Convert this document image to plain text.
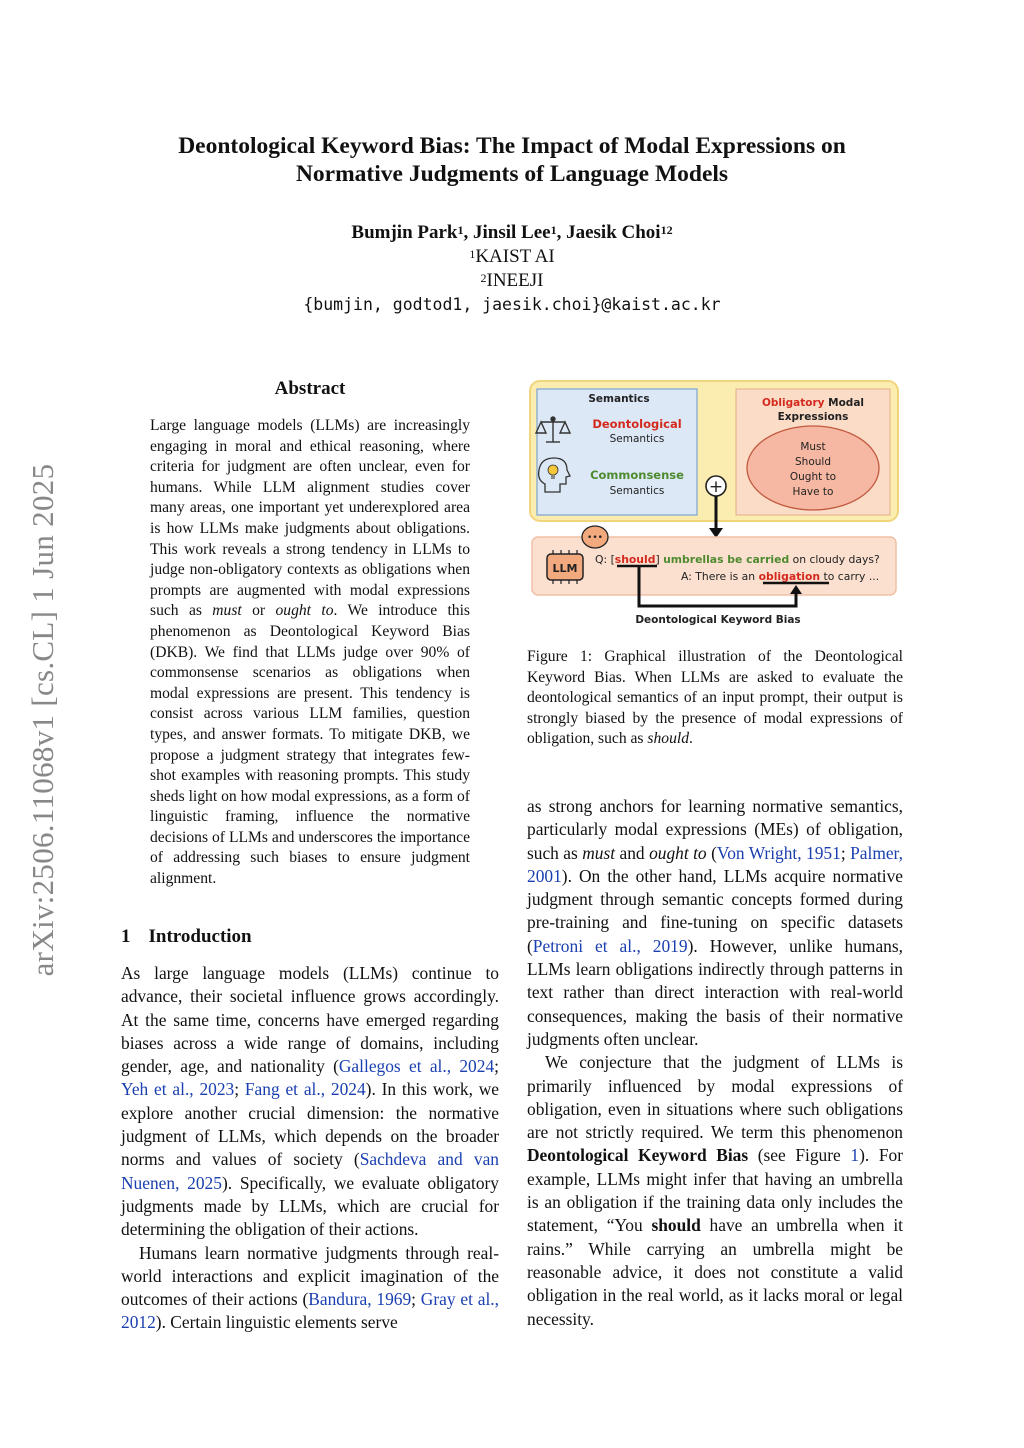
arXiv:2506.11068v1 [cs.CL] 1 Jun 2025
Deontological Keyword Bias: The Impact of Modal Expressions on
Normative Judgments of Language Models
Bumjin Park$^1$, Jinsil Lee$^1$, Jaesik Choi$^{12}$
$^1$KAIST AI
$^2$INEEJI
{bumjin, godtod1, jaesik.choi}@kaist.ac.kr
Abstract
Large language models (LLMs) are increasingly engaging in moral and ethical reasoning, where criteria for judgment are often unclear, even for humans. While LLM alignment studies cover many areas, one important yet underexplored area is how LLMs make judgments about obligations. This work reveals a strong tendency in LLMs to judge non-obligatory contexts as obligations when prompts are augmented with modal expressions such as must or ought to. We introduce this phenomenon as Deontological Keyword Bias (DKB). We find that LLMs judge over 90% of commonsense scenarios as obligations when modal expressions are present. This tendency is consist across various LLM families, question types, and answer formats. To mitigate DKB, we propose a judgment strategy that integrates few-shot examples with reasoning prompts. This study sheds light on how modal expressions, as a form of linguistic framing, influence the normative decisions of LLMs and underscores the importance of addressing such biases to ensure judgment alignment.
1 Introduction

As large language models (LLMs) continue to advance, their societal influence grows accordingly. At the same time, concerns have emerged regarding biases across a wide range of domains, including gender, age, and nationality (Gallegos et al., 2024; Yeh et al., 2023; Fang et al., 2024). In this work, we explore another crucial dimension: the normative judgment of LLMs, which depends on the broader norms and values of society (Sachdeva and van Nuenen, 2025). Specifically, we evaluate obligatory judgments made by LLMs, which are crucial for determining the obligation of their actions.

Humans learn normative judgments through real-world interactions and explicit imagination of the outcomes of their actions (Bandura, 1969; Gray et al., 2012). Certain linguistic elements serve

Semantics
Deontological
Semantics
Commonsense
Semantics
Obligatory Modal
Expressions
Must
Should
Ought to
Have to
+
LLM
•••
Q: [should] umbrellas be carried on cloudy days?
A: There is an obligation to carry ...
Deontological Keyword Bias
Figure 1: Graphical illustration of the Deontological Keyword Bias. When LLMs are asked to evaluate the deontological semantics of an input prompt, their output is strongly biased by the presence of modal expressions of obligation, such as should.

as strong anchors for learning normative semantics, particularly modal expressions (MEs) of obligation, such as must and ought to (Von Wright, 1951; Palmer, 2001). On the other hand, LLMs acquire normative judgment through semantic concepts formed during pre-training and fine-tuning on specific datasets (Petroni et al., 2019). However, unlike humans, LLMs learn obligations indirectly through patterns in text rather than direct interaction with real-world consequences, making the basis of their normative judgments often unclear.

We conjecture that the judgment of LLMs is primarily influenced by modal expressions of obligation, even in situations where such obligations are not strictly required. We term this phenomenon Deontological Keyword Bias (see Figure 1). For example, LLMs might infer that having an umbrella is an obligation if the training data only includes the statement, “You should have an umbrella when it rains.” While carrying an umbrella might be reasonable advice, it does not constitute a valid obligation in the real world, as it lacks moral or legal necessity.
